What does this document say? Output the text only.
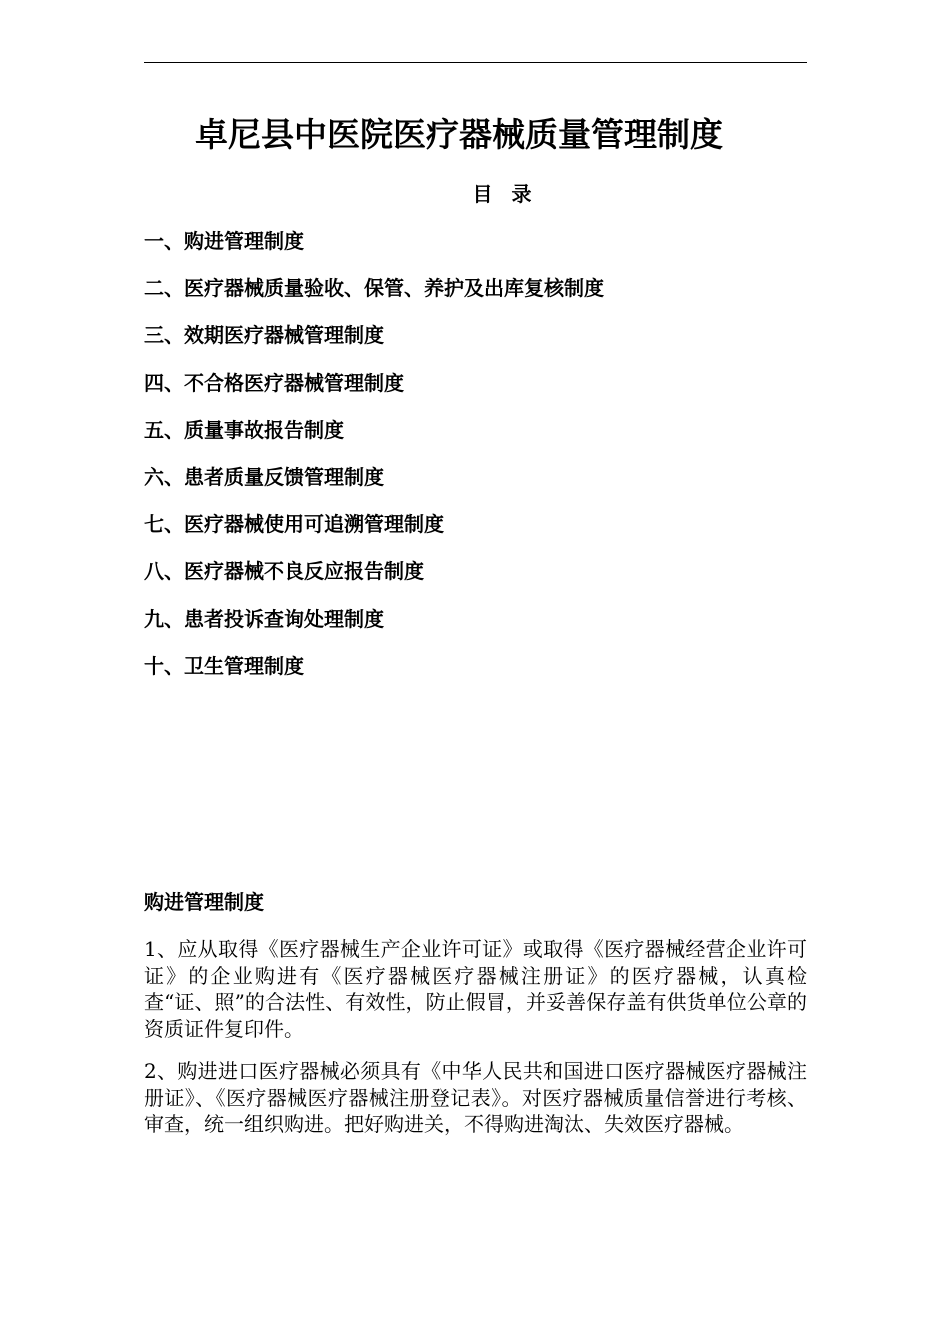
卓尼县中医院医疗器械质量管理制度
目 录
一、购进管理制度
二、医疗器械质量验收、保管、养护及出库复核制度
三、效期医疗器械管理制度
四、不合格医疗器械管理制度
五、质量事故报告制度
六、患者质量反馈管理制度
七、医疗器械使用可追溯管理制度
八、医疗器械不良反应报告制度
九、患者投诉查询处理制度
十、卫生管理制度
购进管理制度

1、应从取得《医疗器械生产企业许可证》或取得《医疗器械经营企业许可证》的企业购进有《医疗器械医疗器械注册证》的医疗器械，认真检查“证、照”的合法性、有效性，防止假冒，并妥善保存盖有供货单位公章的资质证件复印件。

2、购进进口医疗器械必须具有《中华人民共和国进口医疗器械医疗器械注册证》、《医疗器械医疗器械注册登记表》。对医疗器械质量信誉进行考核、审查，统一组织购进。把好购进关，不得购进淘汰、失效医疗器械。
